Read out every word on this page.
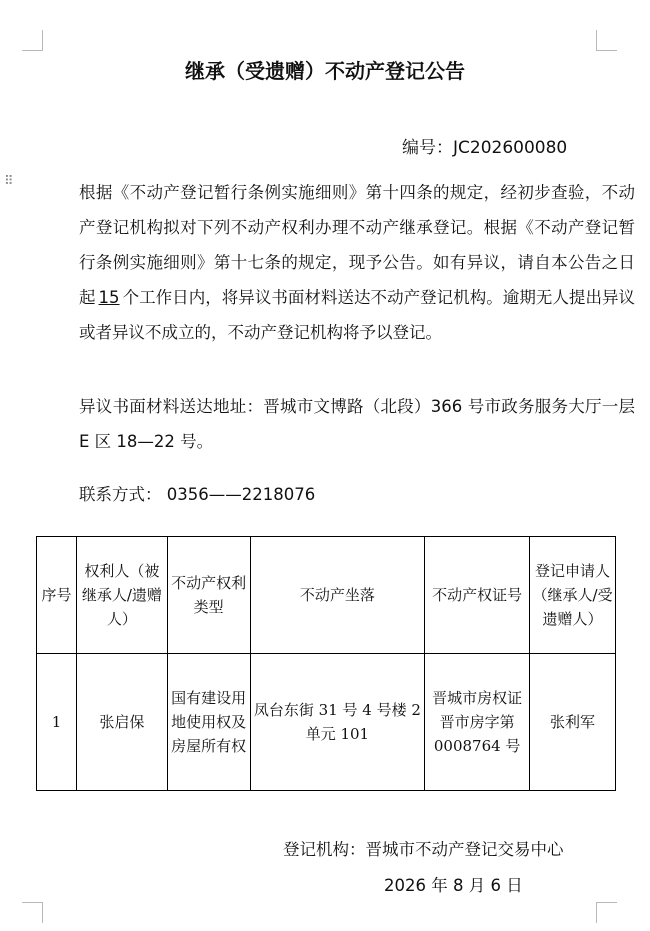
⠿
继承（受遗赠）不动产登记公告
编号：JC202600080
根据《不动产登记暂行条例实施细则》第十四条的规定，经初步查验，不动产登记机构拟对下列不动产权利办理不动产继承登记。根据《不动产登记暂行条例实施细则》第十七条的规定，现予公告。如有异议，请自本公告之日起 15 个工作日内，将异议书面材料送达不动产登记机构。逾期无人提出异议或者异议不成立的，不动产登记机构将予以登记。
异议书面材料送达地址：晋城市文博路（北段）366 号市政务服务大厅一层 E 区 18—22 号。
联系方式： 0356——2218076
序号	权利人（被继承人/遗赠人）	不动产权利类型	不动产坐落	不动产权证号	登记申请人（继承人/受遗赠人）
1	张启保	国有建设用地使用权及房屋所有权	凤台东街 31 号 4 号楼 2 单元 101	晋城市房权证晋市房字第 0008764 号	张利军
登记机构：晋城市不动产登记交易中心
2026 年 8 月 6 日
